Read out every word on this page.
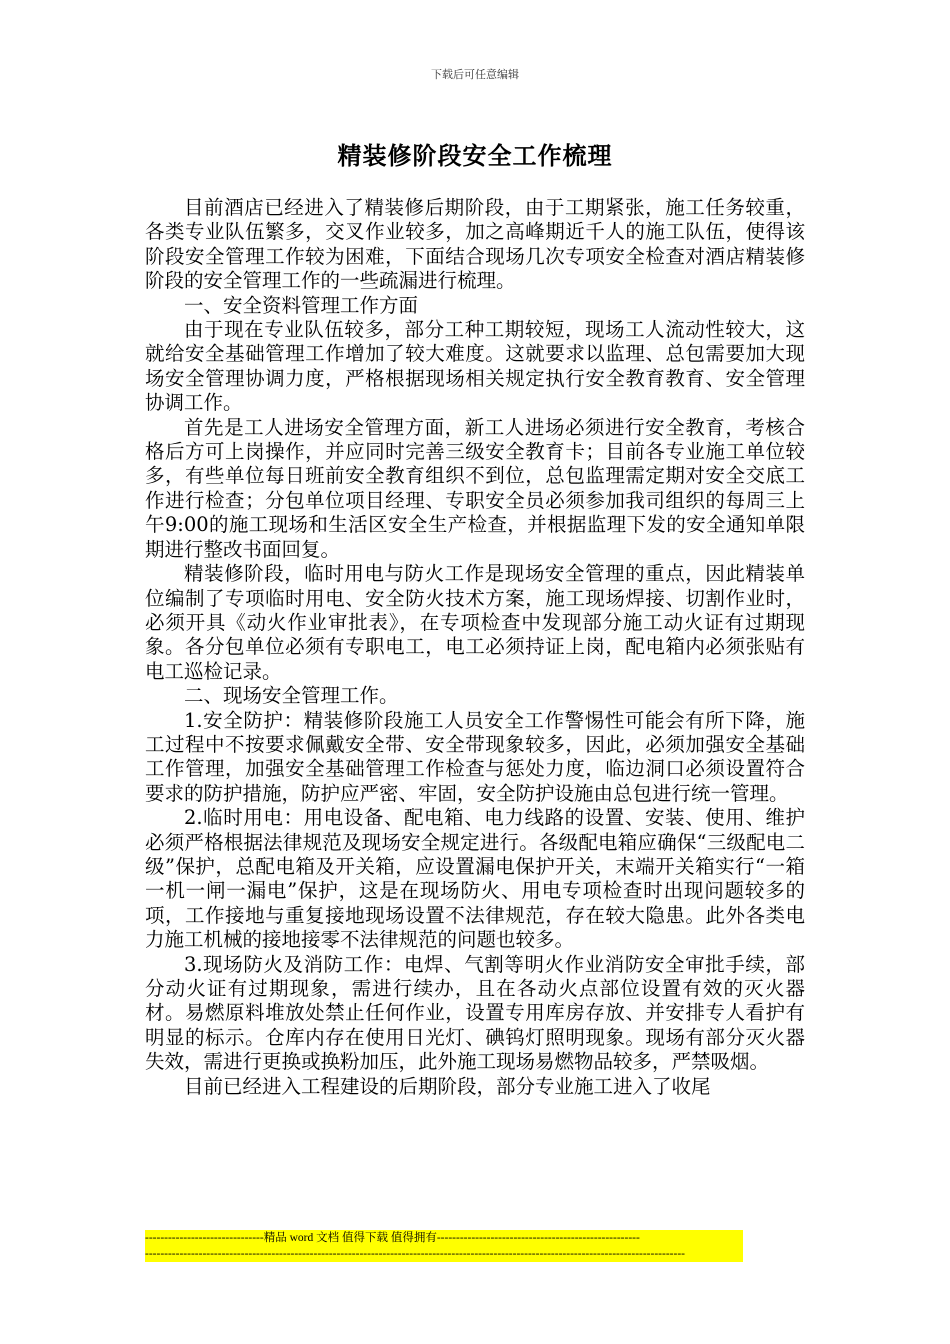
下载后可任意编辑
精装修阶段安全工作梳理

目前酒店已经进入了精装修后期阶段，由于工期紧张，施工任务较重，各类专业队伍繁多，交叉作业较多，加之高峰期近千人的施工队伍，使得该阶段安全管理工作较为困难，下面结合现场几次专项安全检查对酒店精装修阶段的安全管理工作的一些疏漏进行梳理。

一、安全资料管理工作方面

由于现在专业队伍较多，部分工种工期较短，现场工人流动性较大，这就给安全基础管理工作增加了较大难度。这就要求以监理、总包需要加大现场安全管理协调力度，严格根据现场相关规定执行安全教育教育、安全管理协调工作。

首先是工人进场安全管理方面，新工人进场必须进行安全教育，考核合格后方可上岗操作，并应同时完善三级安全教育卡；目前各专业施工单位较多，有些单位每日班前安全教育组织不到位，总包监理需定期对安全交底工作进行检查；分包单位项目经理、专职安全员必须参加我司组织的每周三上午9:00的施工现场和生活区安全生产检查，并根据监理下发的安全通知单限期进行整改书面回复。

精装修阶段，临时用电与防火工作是现场安全管理的重点，因此精装单位编制了专项临时用电、安全防火技术方案，施工现场焊接、切割作业时，必须开具《动火作业审批表》，在专项检查中发现部分施工动火证有过期现象。各分包单位必须有专职电工，电工必须持证上岗，配电箱内必须张贴有电工巡检记录。

二、现场安全管理工作。

1.安全防护：精装修阶段施工人员安全工作警惕性可能会有所下降，施工过程中不按要求佩戴安全带、安全带现象较多，因此，必须加强安全基础工作管理，加强安全基础管理工作检查与惩处力度，临边洞口必须设置符合要求的防护措施，防护应严密、牢固，安全防护设施由总包进行统一管理。

2.临时用电：用电设备、配电箱、电力线路的设置、安装、使用、维护必须严格根据法律规范及现场安全规定进行。各级配电箱应确保“三级配电二级”保护，总配电箱及开关箱，应设置漏电保护开关，末端开关箱实行“一箱一机一闸一漏电”保护，这是在现场防火、用电专项检查时出现问题较多的项，工作接地与重复接地现场设置不法律规范，存在较大隐患。此外各类电力施工机械的接地接零不法律规范的问题也较多。

3.现场防火及消防工作：电焊、气割等明火作业消防安全审批手续，部分动火证有过期现象，需进行续办，且在各动火点部位设置有效的灭火器材。易燃原料堆放处禁止任何作业，设置专用库房存放、并安排专人看护有明显的标示。仓库内存在使用日光灯、碘钨灯照明现象。现场有部分灭火器失效，需进行更换或换粉加压，此外施工现场易燃物品较多，严禁吸烟。

目前已经进入工程建设的后期阶段，部分专业施工进入了收尾

-------------------------------精品 word 文档 值得下载 值得拥有-----------------------------------------------------
---------------------------------------------------------------------------------------------------------------------------------------------
